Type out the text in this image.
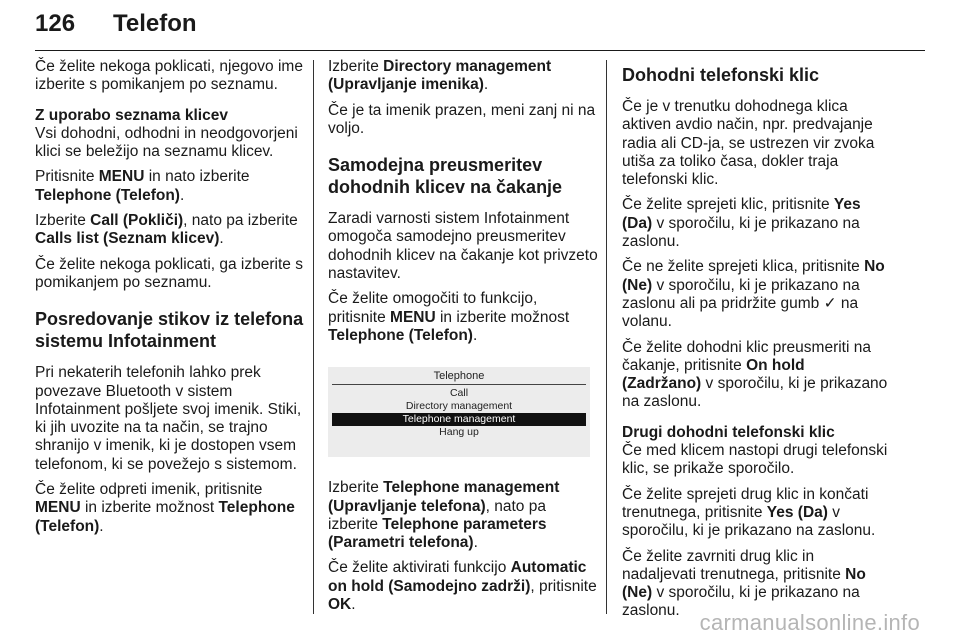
126 Telefon

Če želite nekoga poklicati, njegovo ime izberite s pomikanjem po seznamu.

Z uporabo seznama klicev

Vsi dohodni, odhodni in neodgovorjeni klici se beležijo na seznamu klicev.

Pritisnite MENU in nato izberite Telephone (Telefon).

Izberite Call (Pokliči), nato pa izberite Calls list (Seznam klicev).

Če želite nekoga poklicati, ga izberite s pomikanjem po seznamu.

Posredovanje stikov iz telefona sistemu Infotainment

Pri nekaterih telefonih lahko prek povezave Bluetooth v sistem Infotainment pošljete svoj imenik. Stiki, ki jih uvozite na ta način, se trajno shranijo v imenik, ki je dostopen vsem telefonom, ki se povežejo s sistemom.

Če želite odpreti imenik, pritisnite MENU in izberite možnost Telephone (Telefon).

Izberite Directory management (Upravljanje imenika).

Če je ta imenik prazen, meni zanj ni na voljo.

Samodejna preusmeritev dohodnih klicev na čakanje

Zaradi varnosti sistem Infotainment omogoča samodejno preusmeritev dohodnih klicev na čakanje kot privzeto nastavitev.

Če želite omogočiti to funkcijo, pritisnite MENU in izberite možnost Telephone (Telefon).

Telephone
Call
Directory management
Telephone management
Hang up

Izberite Telephone management (Upravljanje telefona), nato pa izberite Telephone parameters (Parametri telefona).

Če želite aktivirati funkcijo Automatic on hold (Samodejno zadrži), pritisnite OK.

Dohodni telefonski klic

Če je v trenutku dohodnega klica aktiven avdio način, npr. predvajanje radia ali CD-ja, se ustrezen vir zvoka utiša za toliko časa, dokler traja telefonski klic.

Če želite sprejeti klic, pritisnite Yes (Da) v sporočilu, ki je prikazano na zaslonu.

Če ne želite sprejeti klica, pritisnite No (Ne) v sporočilu, ki je prikazano na zaslonu ali pa pridržite gumb ✓ na volanu.

Če želite dohodni klic preusmeriti na čakanje, pritisnite On hold (Zadržano) v sporočilu, ki je prikazano na zaslonu.

Drugi dohodni telefonski klic

Če med klicem nastopi drugi telefonski klic, se prikaže sporočilo.

Če želite sprejeti drug klic in končati trenutnega, pritisnite Yes (Da) v sporočilu, ki je prikazano na zaslonu.

Če želite zavrniti drug klic in nadaljevati trenutnega, pritisnite No (Ne) v sporočilu, ki je prikazano na zaslonu. carmanualsonline.info
